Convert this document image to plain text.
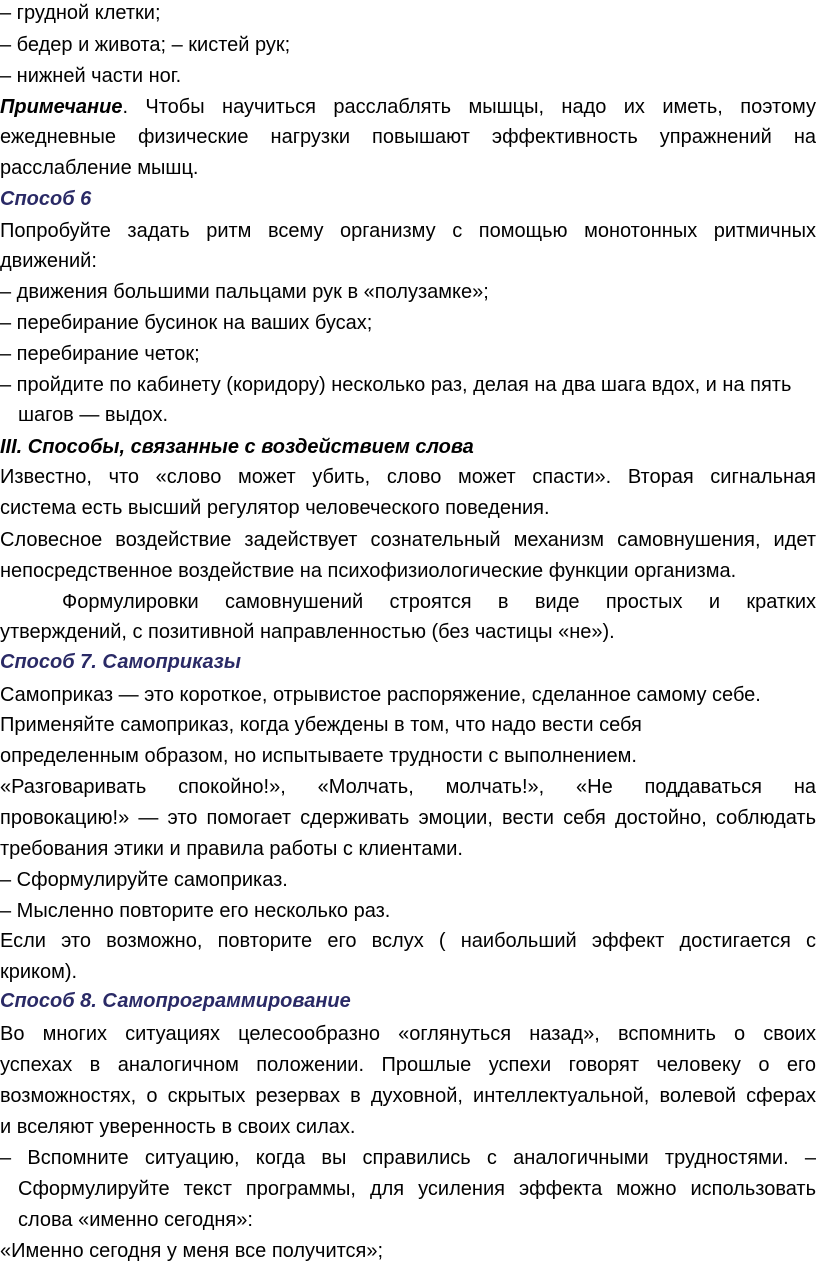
– грудной клетки;

– бедер и живота; – кистей рук;

– нижней части ног.

Примечание. Чтобы научиться расслаблять мышцы, надо их иметь, поэтому

ежедневные физические нагрузки повышают эффективность упражнений на

расслабление мышц.

Способ 6

Попробуйте задать ритм всему организму с помощью монотонных ритмичных

движений:

– движения большими пальцами рук в «полузамке»;

– перебирание бусинок на ваших бусах;

– перебирание четок;

– пройдите по кабинету (коридору) несколько раз, делая на два шага вдох, и на пять

шагов — выдох.

III. Способы, связанные с воздействием слова

Известно, что «слово может убить, слово может спасти». Вторая сигнальная

система есть высший регулятор человеческого поведения.

Словесное воздействие задействует сознательный механизм самовнушения, идет

непосредственное воздействие на психофизиологические функции организма.

Формулировки самовнушений строятся в виде простых и кратких

утверждений, с позитивной направленностью (без частицы «не»).

Способ 7. Самоприказы

Самоприказ — это короткое, отрывистое распоряжение, сделанное самому себе.

Применяйте самоприказ, когда убеждены в том, что надо вести себя

определенным образом, но испытываете трудности с выполнением.

«Разговаривать спокойно!», «Молчать, молчать!», «Не поддаваться на

провокацию!» — это помогает сдерживать эмоции, вести себя достойно, соблюдать

требования этики и правила работы с клиентами.

– Сформулируйте самоприказ.

– Мысленно повторите его несколько раз.

Если это возможно, повторите его вслух ( наибольший эффект достигается с

криком).

Способ 8. Самопрограммирование

Во многих ситуациях целесообразно «оглянуться назад», вспомнить о своих

успехах в аналогичном положении. Прошлые успехи говорят человеку о его

возможностях, о скрытых резервах в духовной, интеллектуальной, волевой сферах

и вселяют уверенность в своих силах.

– Вспомните ситуацию, когда вы справились с аналогичными трудностями. –

Сформулируйте текст программы, для усиления эффекта можно использовать

слова «именно сегодня»:

«Именно сегодня у меня все получится»;
